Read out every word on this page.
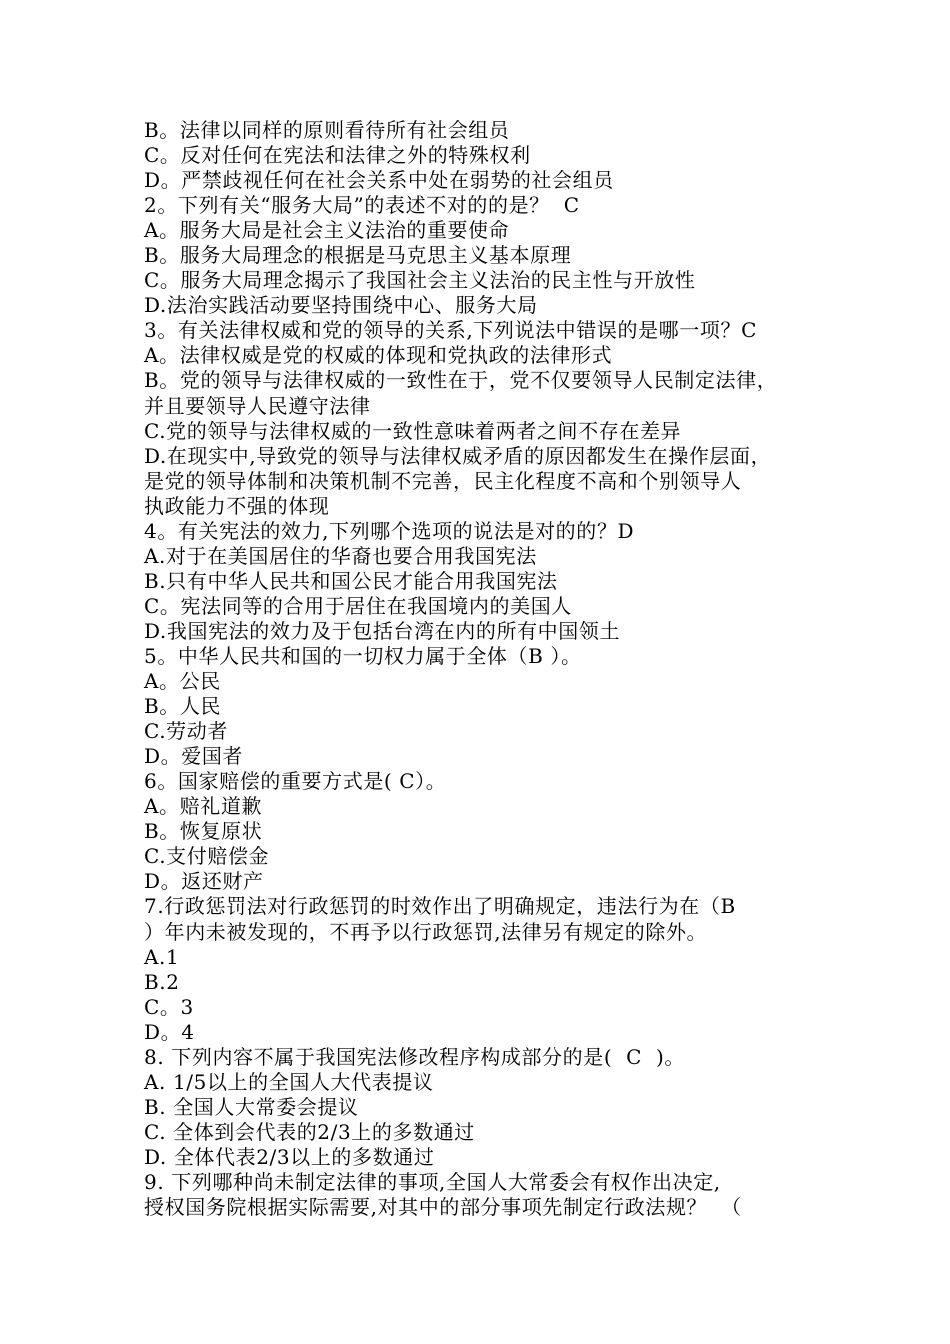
B。法律以同样的原则看待所有社会组员
C。反对任何在宪法和法律之外的特殊权利
D。严禁歧视任何在社会关系中处在弱势的社会组员
2。下列有关“服务大局”的表述不对的的是？  C
A。服务大局是社会主义法治的重要使命
B。服务大局理念的根据是马克思主义基本原理
C。服务大局理念揭示了我国社会主义法治的民主性与开放性
D.法治实践活动要坚持围绕中心、服务大局
3。有关法律权威和党的领导的关系,下列说法中错误的是哪一项？C
A。法律权威是党的权威的体现和党执政的法律形式
B。党的领导与法律权威的一致性在于，党不仅要领导人民制定法律，
并且要领导人民遵守法律
C.党的领导与法律权威的一致性意味着两者之间不存在差异
D.在现实中,导致党的领导与法律权威矛盾的原因都发生在操作层面，
是党的领导体制和决策机制不完善，民主化程度不高和个别领导人
执政能力不强的体现
4。有关宪法的效力,下列哪个选项的说法是对的的？D
A.对于在美国居住的华裔也要合用我国宪法
B.只有中华人民共和国公民才能合用我国宪法
C。宪法同等的合用于居住在我国境内的美国人
D.我国宪法的效力及于包括台湾在内的所有中国领土
5。中华人民共和国的一切权力属于全体（B ）。
A。公民
B。人民
C.劳动者
D。爱国者
6。国家赔偿的重要方式是( C）。
A。赔礼道歉
B。恢复原状
C.支付赔偿金
D。返还财产
7.行政惩罚法对行政惩罚的时效作出了明确规定，违法行为在（B
）年内未被发现的，不再予以行政惩罚,法律另有规定的除外。
A.1
B.2
C。3
D。4
8. 下列内容不属于我国宪法修改程序构成部分的是(  C  )。
A. 1/5以上的全国人大代表提议
B. 全国人大常委会提议
C. 全体到会代表的2/3上的多数通过
D. 全体代表2/3以上的多数通过
9. 下列哪种尚未制定法律的事项,全国人大常委会有权作出决定,
授权国务院根据实际需要,对其中的部分事项先制定行政法规？  （
